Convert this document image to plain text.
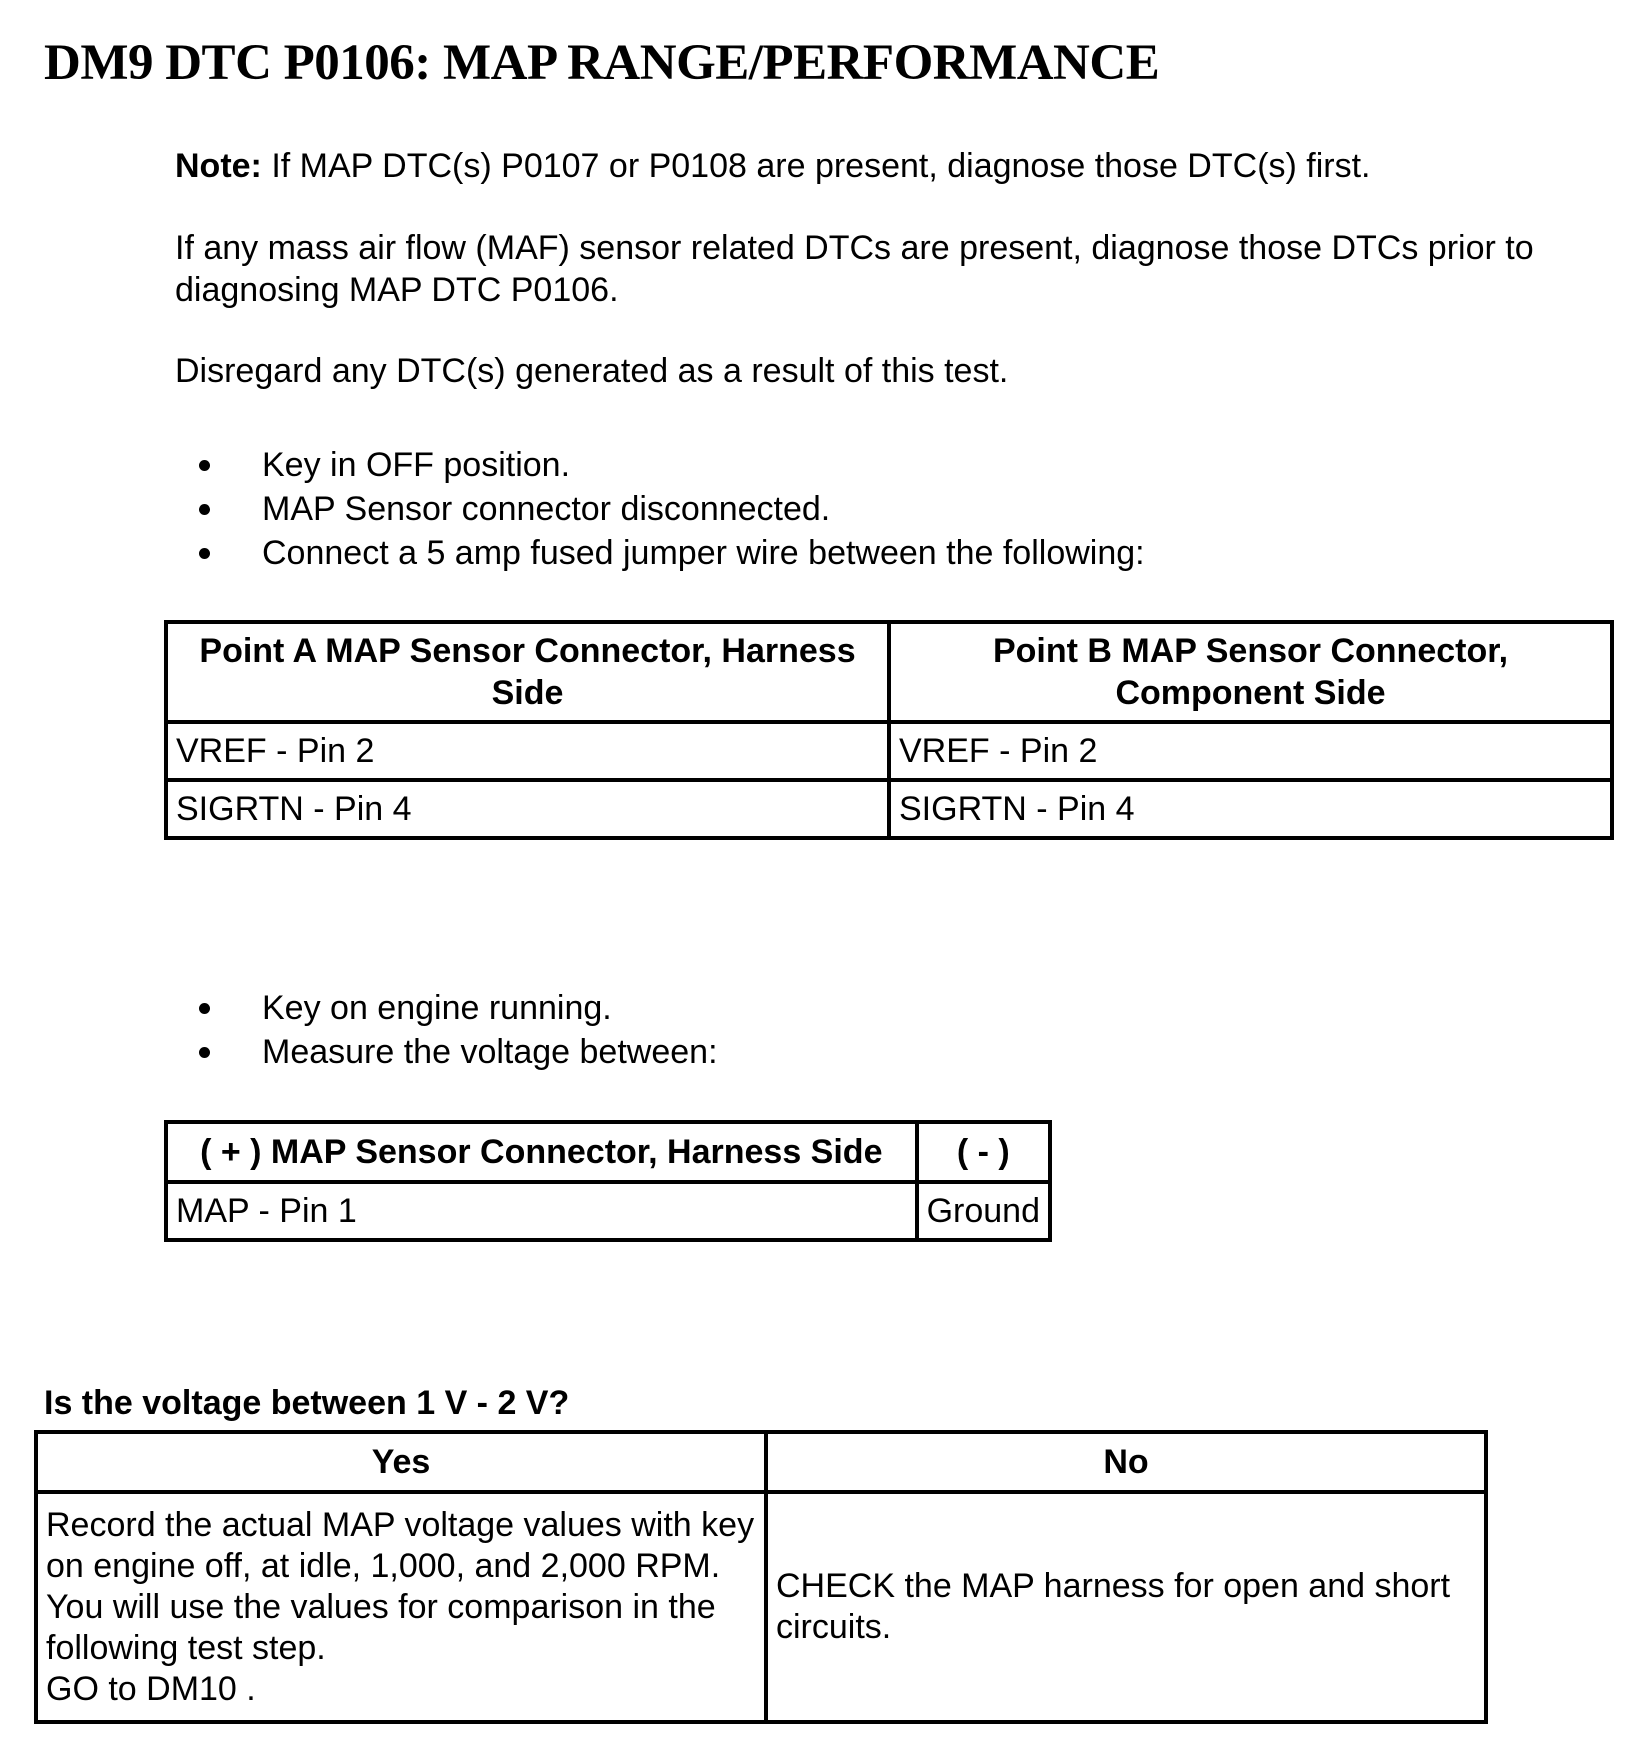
DM9 DTC P0106: MAP RANGE/PERFORMANCE

Note: If MAP DTC(s) P0107 or P0108 are present, diagnose those DTC(s) first.

If any mass air flow (MAF) sensor related DTCs are present, diagnose those DTCs prior to diagnosing MAP DTC P0106.

Disregard any DTC(s) generated as a result of this test.

Key in OFF position.
MAP Sensor connector disconnected.
Connect a 5 amp fused jumper wire between the following:
Point A MAP Sensor Connector, Harness Side	Point B MAP Sensor Connector, Component Side
VREF - Pin 2	VREF - Pin 2
SIGRTN - Pin 4	SIGRTN - Pin 4
Key on engine running.
Measure the voltage between:
( + ) MAP Sensor Connector, Harness Side	( - )
MAP - Pin 1	Ground

Is the voltage between 1 V - 2 V?

Yes	No
Record the actual MAP voltage values with key on engine off, at idle, 1,000, and 2,000 RPM. You will use the values for comparison in the following test step.
GO to DM10 .	CHECK the MAP harness for open and short circuits.
